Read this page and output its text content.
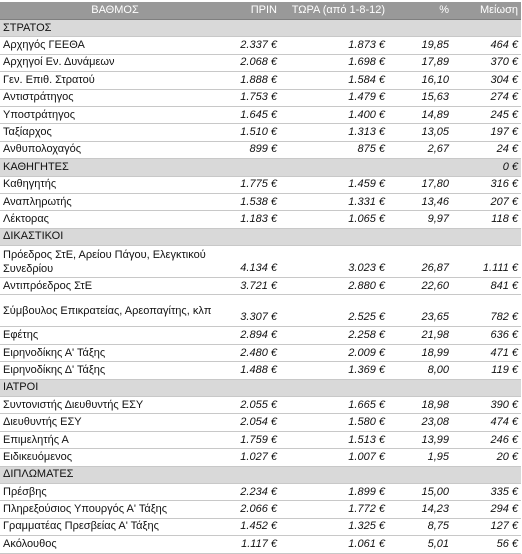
ΒΑΘΜΟΣ	ΠΡΙΝ	ΤΩΡΑ (από 1-8-12)	%	Μείωση
ΣΤΡΑΤΟΣ				
Αρχηγός ΓΕΕΘΑ	2.337 €	1.873 €	19,85	464 €
Αρχηγοί Εν. Δυνάμεων	2.068 €	1.698 €	17,89	370 €
Γεν. Επιθ. Στρατού	1.888 €	1.584 €	16,10	304 €
Αντιστράτηγος	1.753 €	1.479 €	15,63	274 €
Υποστράτηγος	1.645 €	1.400 €	14,89	245 €
Ταξίαρχος	1.510 €	1.313 €	13,05	197 €
Ανθυπολοχαγός	899 €	875 €	2,67	24 €
ΚΑΘΗΓΗΤΕΣ				0 €
Καθηγητής	1.775 €	1.459 €	17,80	316 €
Αναπληρωτής	1.538 €	1.331 €	13,46	207 €
Λέκτορας	1.183 €	1.065 €	9,97	118 €
ΔΙΚΑΣΤΙΚΟΙ				
Πρόεδρος ΣτΕ, Αρείου Πάγου, Ελεγκτικού Συνεδρίου	4.134 €	3.023 €	26,87	1.111 €
Αντιπρόεδρος ΣτΕ	3.721 €	2.880 €	22,60	841 €
Σύμβουλος Επικρατείας, Αρεοπαγίτης, κλπ	3.307 €	2.525 €	23,65	782 €
Εφέτης	2.894 €	2.258 €	21,98	636 €
Ειρηνοδίκης Α' Τάξης	2.480 €	2.009 €	18,99	471 €
Ειρηνοδίκης Δ' Τάξης	1.488 €	1.369 €	8,00	119 €
ΙΑΤΡΟΙ				
Συντονιστής Διευθυντής ΕΣΥ	2.055 €	1.665 €	18,98	390 €
Διευθυντής ΕΣΥ	2.054 €	1.580 €	23,08	474 €
Επιμελητής Α	1.759 €	1.513 €	13,99	246 €
Ειδικευόμενος	1.027 €	1.007 €	1,95	20 €
ΔΙΠΛΩΜΑΤΕΣ				
Πρέσβης	2.234 €	1.899 €	15,00	335 €
Πληρεξούσιος Υπουργός Α' Τάξης	2.066 €	1.772 €	14,23	294 €
Γραμματέας Πρεσβείας Α' Τάξης	1.452 €	1.325 €	8,75	127 €
Ακόλουθος	1.117 €	1.061 €	5,01	56 €
